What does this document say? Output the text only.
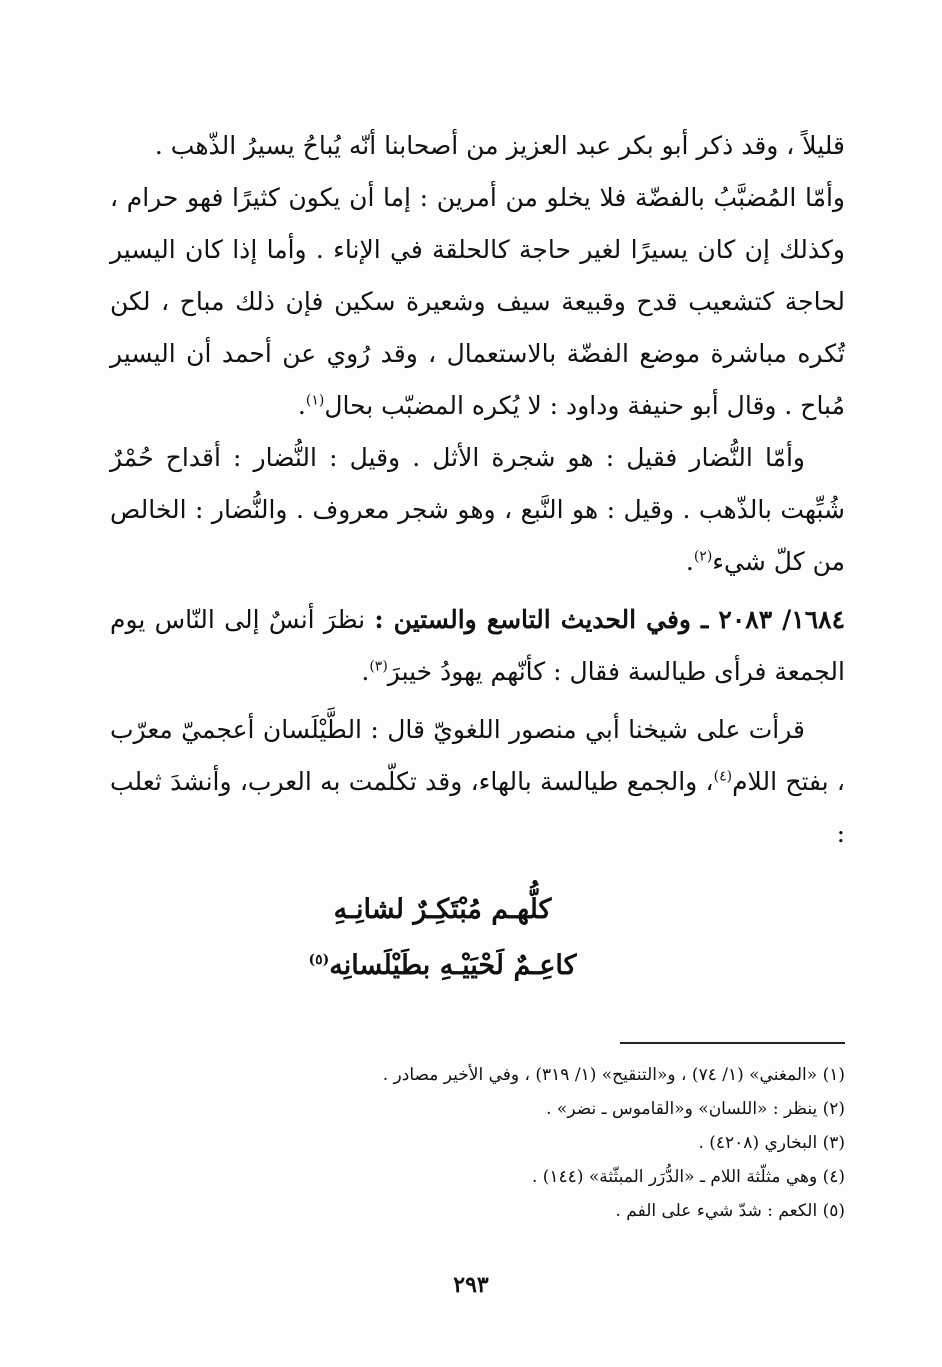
قليلاً ، وقد ذكر أبو بكر عبد العزيز من أصحابنا أنّه يُباحُ يسيرُ الذّهب .

وأمّا المُضبَّبُ بالفضّة فلا يخلو من أمرين : إما أن يكون كثيرًا فهو حرام ، وكذلك إن كان يسيرًا لغير حاجة كالحلقة في الإناء . وأما إذا كان اليسير لحاجة كتشعيب قدح وقبيعة سيف وشعيرة سكين فإن ذلك مباح ، لكن تُكره مباشرة موضع الفضّة بالاستعمال ، وقد رُوي عن أحمد أن اليسير مُباح . وقال أبو حنيفة وداود : لا يُكره المضبّب بحال$^{(١)}$.

وأمّا النُّضار فقيل : هو شجرة الأثل . وقيل : النُّضار : أقداح حُمْرٌ شُبِّهت بالذّهب . وقيل : هو النَّبع ، وهو شجر معروف . والنُّضار : الخالص من كلّ شيء$^{(٢)}$.

١٦٨٤/ ٢٠٨٣ ـ وفي الحديث التاسع والستين : نظرَ أنسٌ إلى النّاس يوم الجمعة فرأى طيالسة فقال : كأنّهم يهودُ خيبرَ$^{(٣)}$.

قرأت على شيخنا أبي منصور اللغويّ قال : الطَّيْلَسان أعجميّ معرّب ، بفتح اللام$^{(٤)}$، والجمع طيالسة بالهاء، وقد تكلّمت به العرب، وأنشدَ ثعلب :

كلُّهـم مُبْتَكِـرٌ لشانِـهِ

كاعِـمٌ لَحْيَيْـهِ بطَيْلَسانِه$^{(٥)}$

(١) «المغني» (١/ ٧٤) ، و«التنقيح» (١/ ٣١٩) ، وفي الأخير مصادر .

(٢) ينظر : «اللسان» و«القاموس ـ نضر» .

(٣) البخاري (٤٢٠٨) .

(٤) وهي مثلّثة اللام ـ «الدُّرَر المبثّثة» (١٤٤) .

(٥) الكعم : شدّ شيء على الفم .

٢٩٣
